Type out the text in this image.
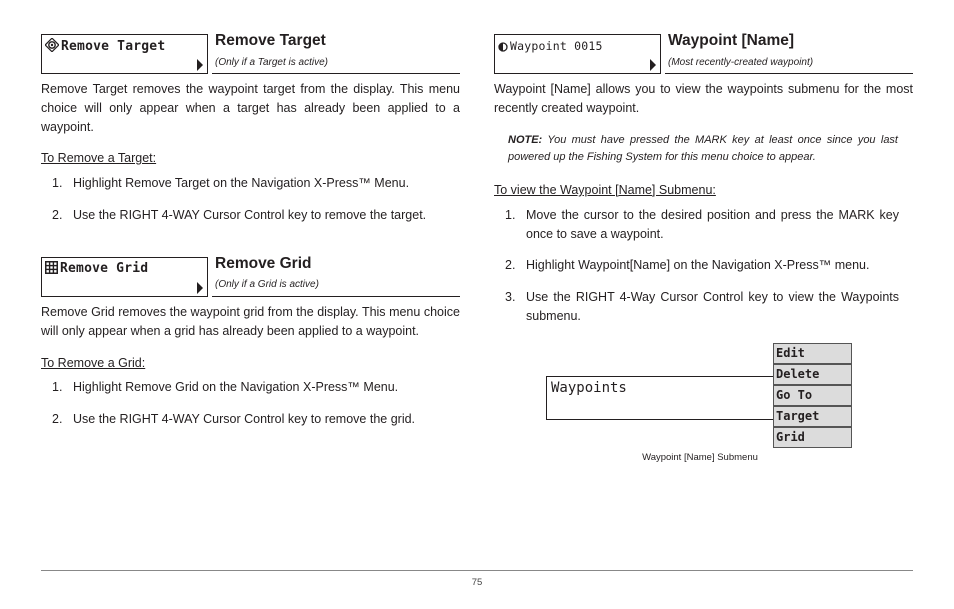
Remove Target	Remove Target
(Only if a Target is active)
Remove Target removes the waypoint target from the display. This menu choice will only appear when a target has already been applied to a waypoint.
To Remove a Target:
1. Highlight Remove Target on the Navigation X-Press™ Menu.
2. Use the RIGHT 4-WAY Cursor Control key to remove the target.
Remove Grid	Remove Grid
(Only if a Grid is active)
Remove Grid removes the waypoint grid from the display. This menu choice will only appear when a grid has already been applied to a waypoint.
To Remove a Grid:
1. Highlight Remove Grid on the Navigation X-Press™ Menu.
2. Use the RIGHT 4-WAY Cursor Control key to remove the grid.
Waypoint 0015	Waypoint [Name]
(Most recently-created waypoint)
Waypoint [Name] allows you to view the waypoints submenu for the most recently created waypoint.
NOTE: You must have pressed the MARK key at least once since you last powered up the Fishing System for this menu choice to appear.
To view the Waypoint [Name] Submenu:
1. Move the cursor to the desired position and press the MARK key once to save a waypoint.
2. Highlight Waypoint[Name] on the Navigation X-Press™ menu.
3. Use the RIGHT 4-Way Cursor Control key to view the Waypoints submenu.
Waypoints
Edit
Delete
Go To
Target
Grid
Waypoint [Name] Submenu
75
